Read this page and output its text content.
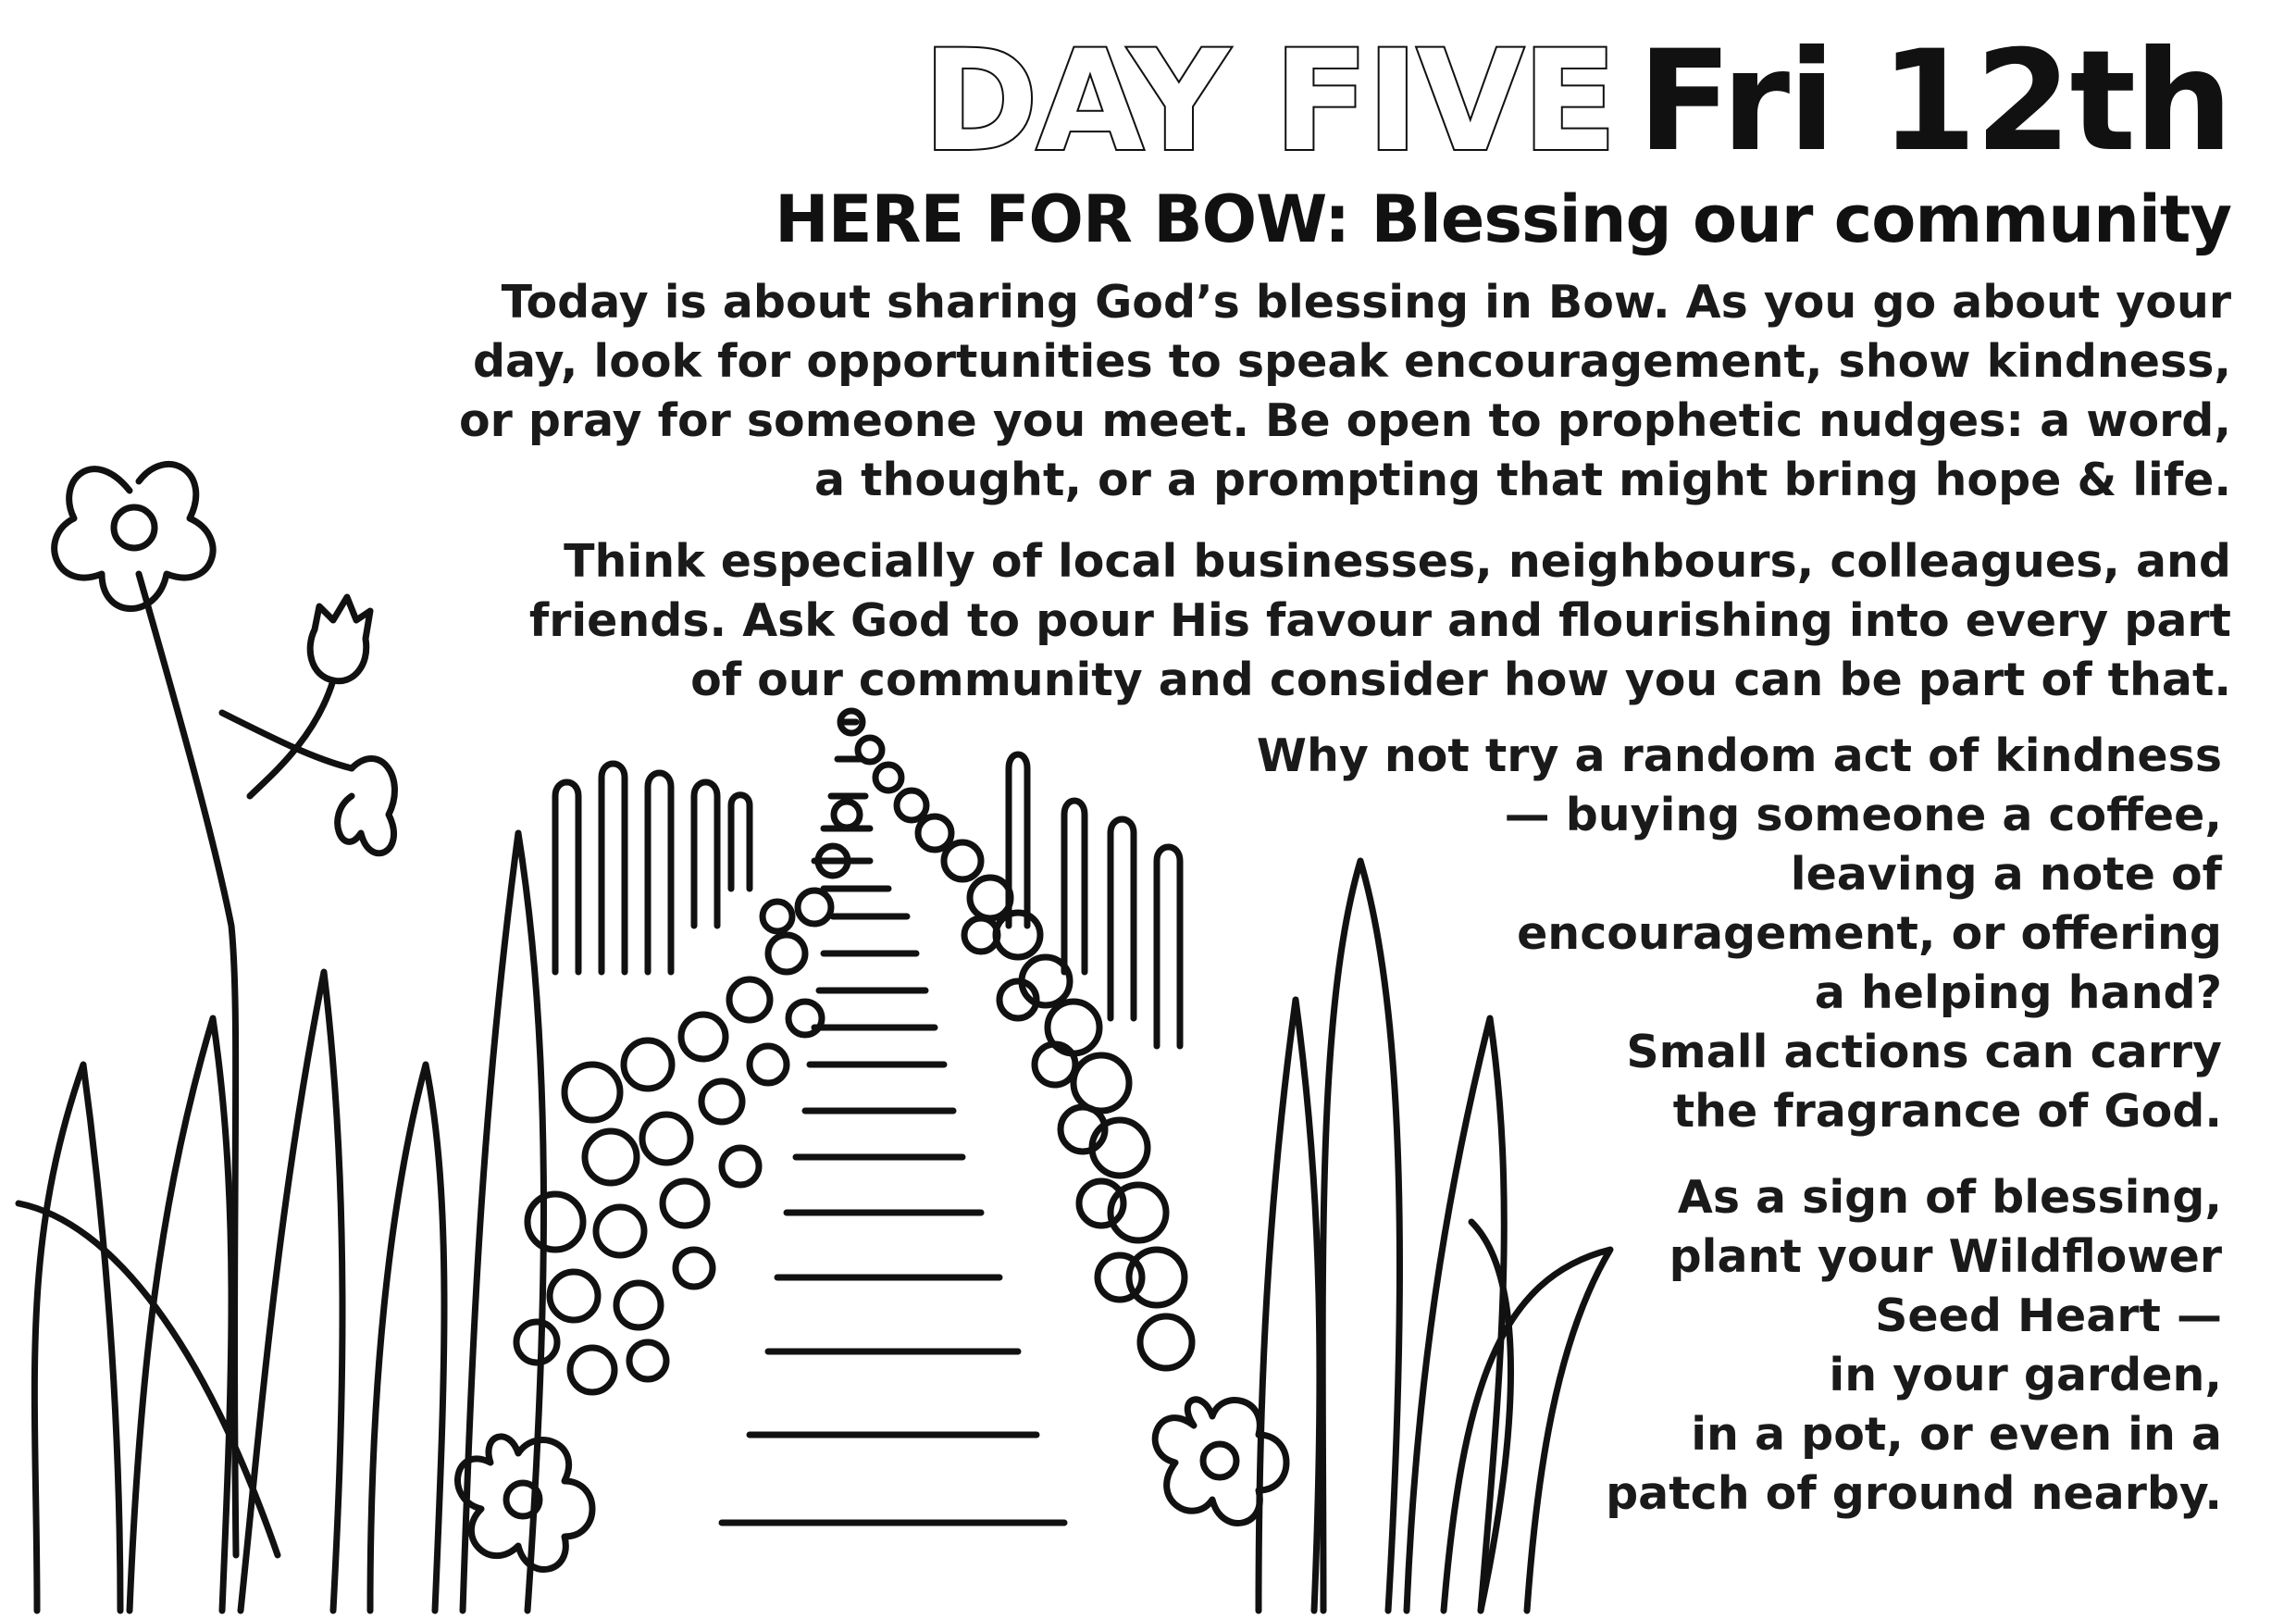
DAY FIVE Fri 12th
HERE FOR BOW: Blessing our community
Today is about sharing God’s blessing in Bow. As you go about your
day, look for opportunities to speak encouragement, show kindness,
or pray for someone you meet. Be open to prophetic nudges: a word,
a thought, or a prompting that might bring hope & life.
Think especially of local businesses, neighbours, colleagues, and
friends. Ask God to pour His favour and flourishing into every part
of our community and consider how you can be part of that.
Why not try a random act of kindness
— buying someone a coffee,
leaving a note of
encouragement, or offering
a helping hand?
Small actions can carry
the fragrance of God.
As a sign of blessing,
plant your Wildflower
Seed Heart —
in your garden,
in a pot, or even in a
patch of ground nearby.
